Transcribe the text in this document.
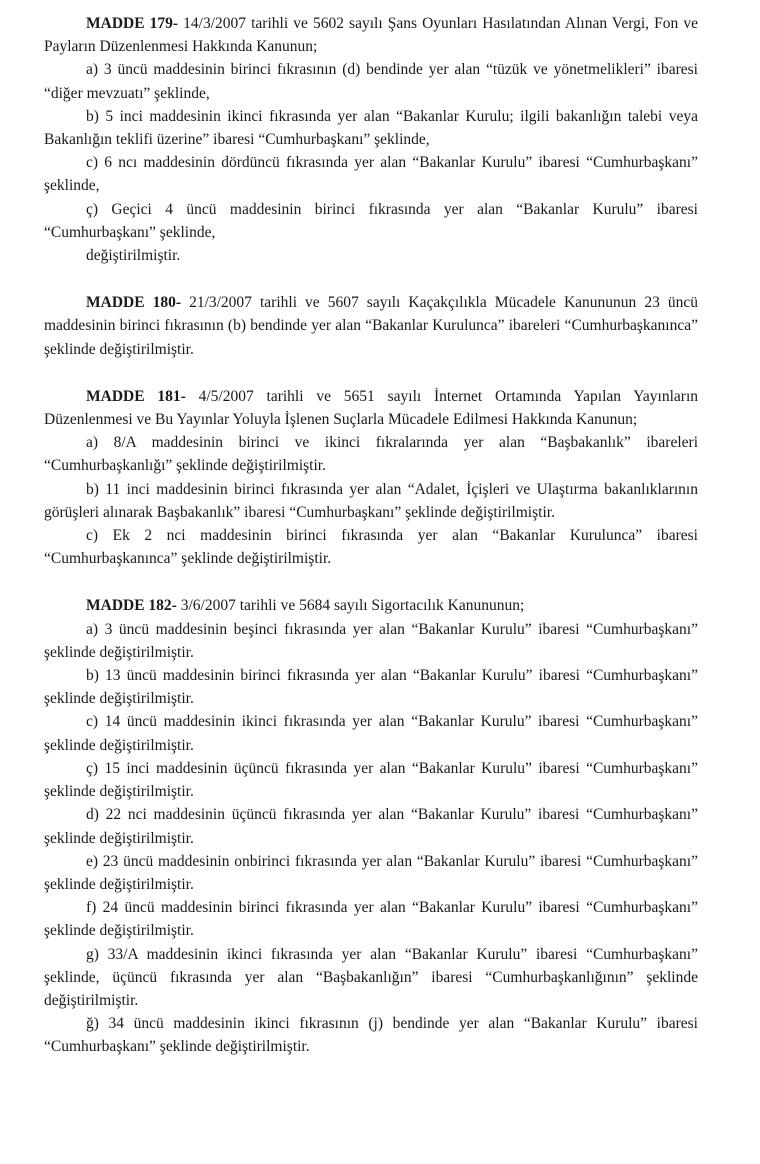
MADDE 179- 14/3/2007 tarihli ve 5602 sayılı Şans Oyunları Hasılatından Alınan Vergi, Fon ve Payların Düzenlenmesi Hakkında Kanunun;

a) 3 üncü maddesinin birinci fıkrasının (d) bendinde yer alan “tüzük ve yönetmelikleri” ibaresi “diğer mevzuatı” şeklinde,

b) 5 inci maddesinin ikinci fıkrasında yer alan “Bakanlar Kurulu; ilgili bakanlığın talebi veya Bakanlığın teklifi üzerine” ibaresi “Cumhurbaşkanı” şeklinde,

c) 6 ncı maddesinin dördüncü fıkrasında yer alan “Bakanlar Kurulu” ibaresi “Cumhurbaşkanı” şeklinde,

ç) Geçici 4 üncü maddesinin birinci fıkrasında yer alan “Bakanlar Kurulu” ibaresi “Cumhurbaşkanı” şeklinde,

değiştirilmiştir.

MADDE 180- 21/3/2007 tarihli ve 5607 sayılı Kaçakçılıkla Mücadele Kanununun 23 üncü maddesinin birinci fıkrasının (b) bendinde yer alan “Bakanlar Kurulunca” ibareleri “Cumhurbaşkanınca” şeklinde değiştirilmiştir.

MADDE 181- 4/5/2007 tarihli ve 5651 sayılı İnternet Ortamında Yapılan Yayınların Düzenlenmesi ve Bu Yayınlar Yoluyla İşlenen Suçlarla Mücadele Edilmesi Hakkında Kanunun;

a) 8/A maddesinin birinci ve ikinci fıkralarında yer alan “Başbakanlık” ibareleri “Cumhurbaşkanlığı” şeklinde değiştirilmiştir.

b) 11 inci maddesinin birinci fıkrasında yer alan “Adalet, İçişleri ve Ulaştırma bakanlıklarının görüşleri alınarak Başbakanlık” ibaresi “Cumhurbaşkanı” şeklinde değiştirilmiştir.

c) Ek 2 nci maddesinin birinci fıkrasında yer alan “Bakanlar Kurulunca” ibaresi “Cumhurbaşkanınca” şeklinde değiştirilmiştir.

MADDE 182- 3/6/2007 tarihli ve 5684 sayılı Sigortacılık Kanununun;

a) 3 üncü maddesinin beşinci fıkrasında yer alan “Bakanlar Kurulu” ibaresi “Cumhurbaşkanı” şeklinde değiştirilmiştir.

b) 13 üncü maddesinin birinci fıkrasında yer alan “Bakanlar Kurulu” ibaresi “Cumhurbaşkanı” şeklinde değiştirilmiştir.

c) 14 üncü maddesinin ikinci fıkrasında yer alan “Bakanlar Kurulu” ibaresi “Cumhurbaşkanı” şeklinde değiştirilmiştir.

ç) 15 inci maddesinin üçüncü fıkrasında yer alan “Bakanlar Kurulu” ibaresi “Cumhurbaşkanı” şeklinde değiştirilmiştir.

d) 22 nci maddesinin üçüncü fıkrasında yer alan “Bakanlar Kurulu” ibaresi “Cumhurbaşkanı” şeklinde değiştirilmiştir.

e) 23 üncü maddesinin onbirinci fıkrasında yer alan “Bakanlar Kurulu” ibaresi “Cumhurbaşkanı” şeklinde değiştirilmiştir.

f) 24 üncü maddesinin birinci fıkrasında yer alan “Bakanlar Kurulu” ibaresi “Cumhurbaşkanı” şeklinde değiştirilmiştir.

g) 33/A maddesinin ikinci fıkrasında yer alan “Bakanlar Kurulu” ibaresi “Cumhurbaşkanı” şeklinde, üçüncü fıkrasında yer alan “Başbakanlığın” ibaresi “Cumhurbaşkanlığının” şeklinde değiştirilmiştir.

ğ) 34 üncü maddesinin ikinci fıkrasının (j) bendinde yer alan “Bakanlar Kurulu” ibaresi “Cumhurbaşkanı” şeklinde değiştirilmiştir.
